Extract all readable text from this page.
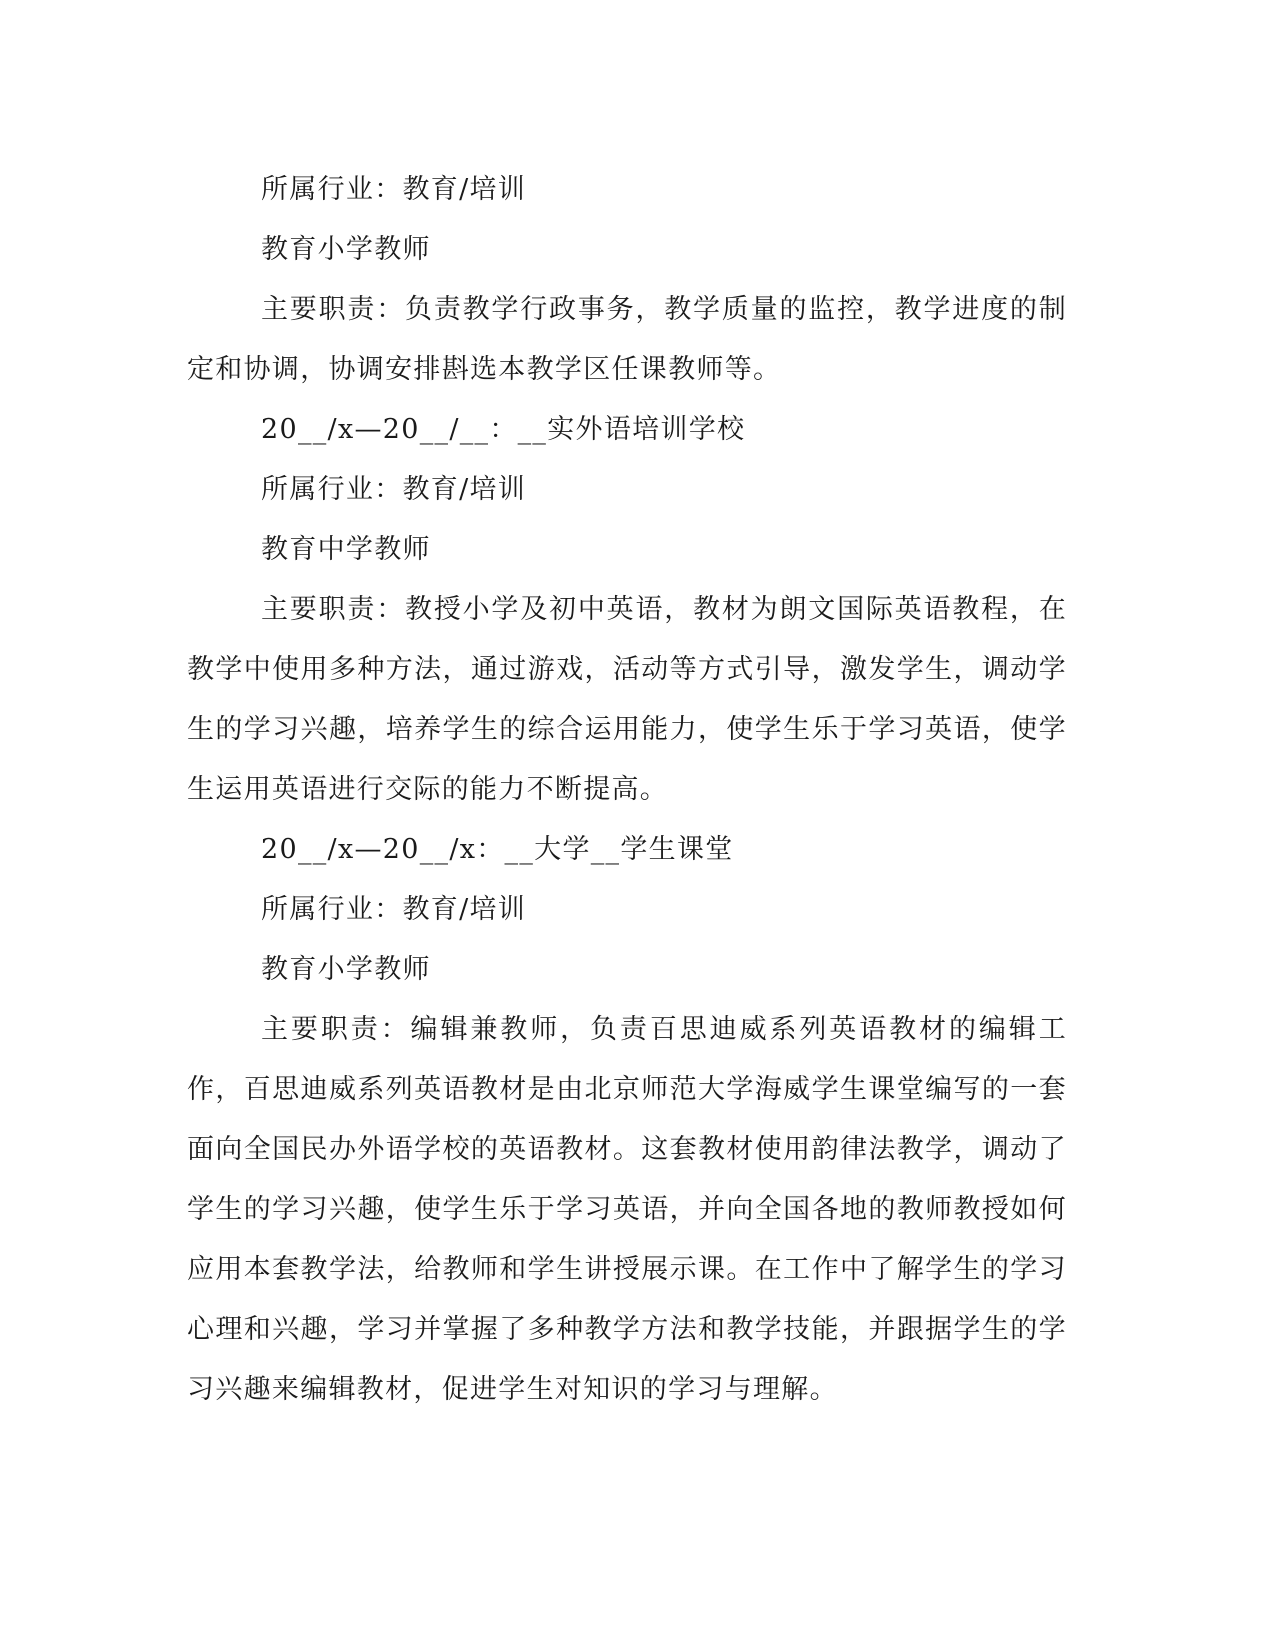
所属行业：教育/培训

教育小学教师

主要职责：负责教学行政事务，教学质量的监控，教学进度的制定和协调，协调安排斟选本教学区任课教师等。

20__/x—20__/__：__实外语培训学校

所属行业：教育/培训

教育中学教师

主要职责：教授小学及初中英语，教材为朗文国际英语教程，在教学中使用多种方法，通过游戏，活动等方式引导，激发学生，调动学生的学习兴趣，培养学生的综合运用能力，使学生乐于学习英语，使学生运用英语进行交际的能力不断提高。

20__/x—20__/x：__大学__学生课堂

所属行业：教育/培训

教育小学教师

主要职责：编辑兼教师，负责百思迪威系列英语教材的编辑工作，百思迪威系列英语教材是由北京师范大学海威学生课堂编写的一套面向全国民办外语学校的英语教材。这套教材使用韵律法教学，调动了学生的学习兴趣，使学生乐于学习英语，并向全国各地的教师教授如何应用本套教学法，给教师和学生讲授展示课。在工作中了解学生的学习心理和兴趣，学习并掌握了多种教学方法和教学技能，并跟据学生的学习兴趣来编辑教材，促进学生对知识的学习与理解。
